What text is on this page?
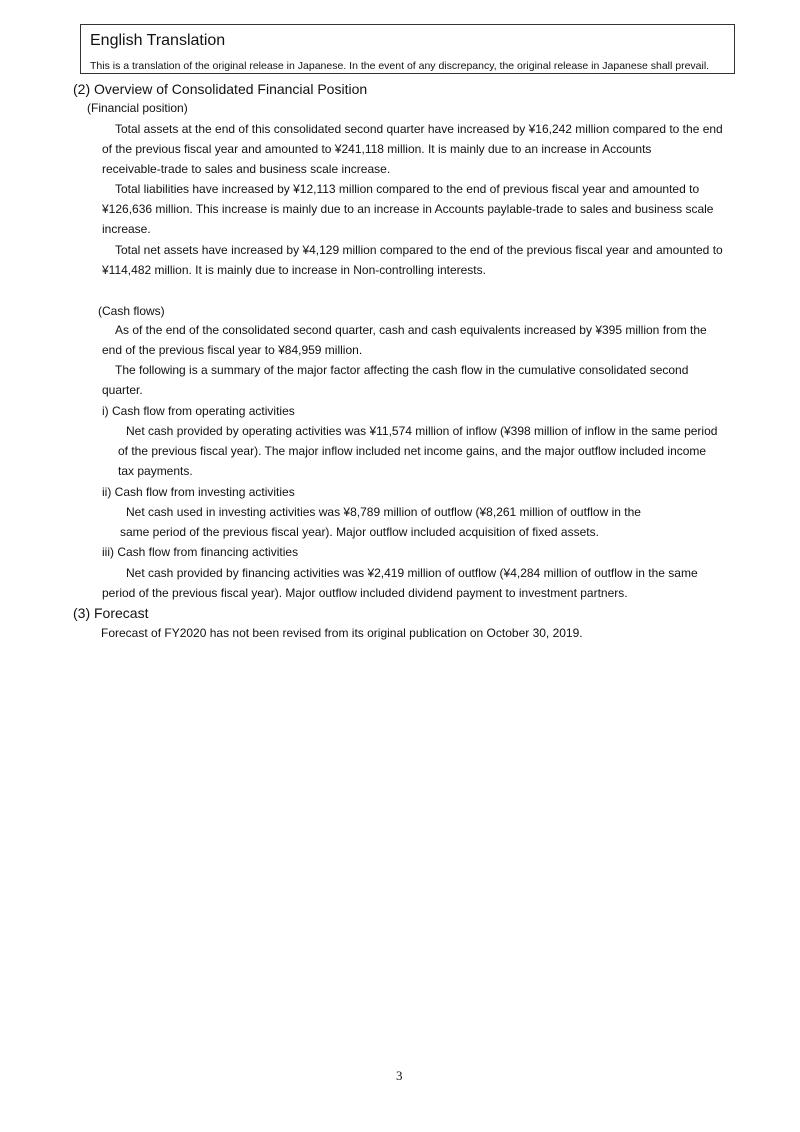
English Translation
This is a translation of the original release in Japanese. In the event of any discrepancy, the original release in Japanese shall prevail.
(2) Overview of Consolidated Financial Position
(Financial position)
Total assets at the end of this consolidated second quarter have increased by ¥16,242 million compared to the end
of the previous fiscal year and amounted to ¥241,118 million. It is mainly due to an increase in Accounts
receivable-trade to sales and business scale increase.
Total liabilities have increased by ¥12,113 million compared to the end of previous fiscal year and amounted to
¥126,636 million. This increase is mainly due to an increase in Accounts paylable-trade to sales and business scale
increase.
Total net assets have increased by ¥4,129 million compared to the end of the previous fiscal year and amounted to
¥114,482 million. It is mainly due to increase in Non-controlling interests.
(Cash flows)
As of the end of the consolidated second quarter, cash and cash equivalents increased by ¥395 million from the
end of the previous fiscal year to ¥84,959 million.
The following is a summary of the major factor affecting the cash flow in the cumulative consolidated second
quarter.
i) Cash flow from operating activities
Net cash provided by operating activities was ¥11,574 million of inflow (¥398 million of inflow in the same period
of the previous fiscal year). The major inflow included net income gains, and the major outflow included income
tax payments.
ii) Cash flow from investing activities
Net cash used in investing activities was ¥8,789 million of outflow (¥8,261 million of outflow in the
same period of the previous fiscal year). Major outflow included acquisition of fixed assets.
iii) Cash flow from financing activities
Net cash provided by financing activities was ¥2,419 million of outflow (¥4,284 million of outflow in the same
period of the previous fiscal year). Major outflow included dividend payment to investment partners.
(3) Forecast
Forecast of FY2020 has not been revised from its original publication on October 30, 2019.
3
